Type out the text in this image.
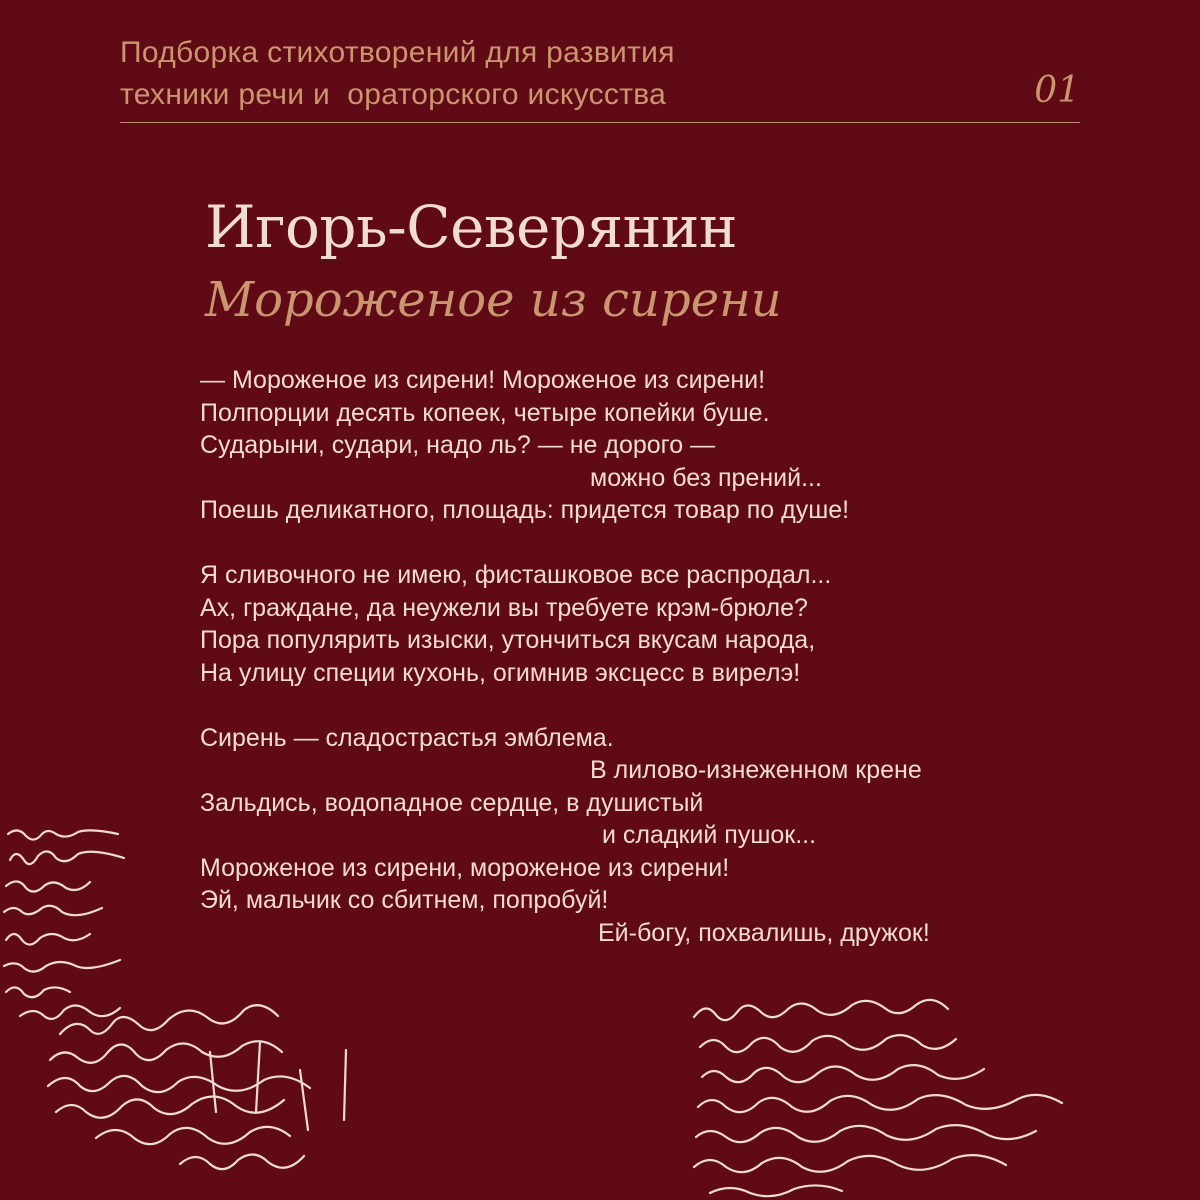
Подборка стихотворений для развития
техники речи и  ораторского искусства	01
Игорь-Северянин
Мороженое из сирени
— Мороженое из сирени! Мороженое из сирени!
Полпорции десять копеек, четыре копейки буше.
Сударыни, судари, надо ль? — не дорого —
можно без прений...
Поешь деликатного, площадь: придется товар по душе!
Я сливочного не имею, фисташковое все распродал...
Ах, граждане, да неужели вы требуете крэм-брюле?
Пора популярить изыски, утончиться вкусам народа,
На улицу специи кухонь, огимнив эксцесс в вирелэ!
Сирень — сладострастья эмблема.
В лилово-изнеженном крене
Зальдись, водопадное сердце, в душистый
и сладкий пушок...
Мороженое из сирени, мороженое из сирени!
Эй, мальчик со сбитнем, попробуй!
Ей-богу, похвалишь, дружок!
